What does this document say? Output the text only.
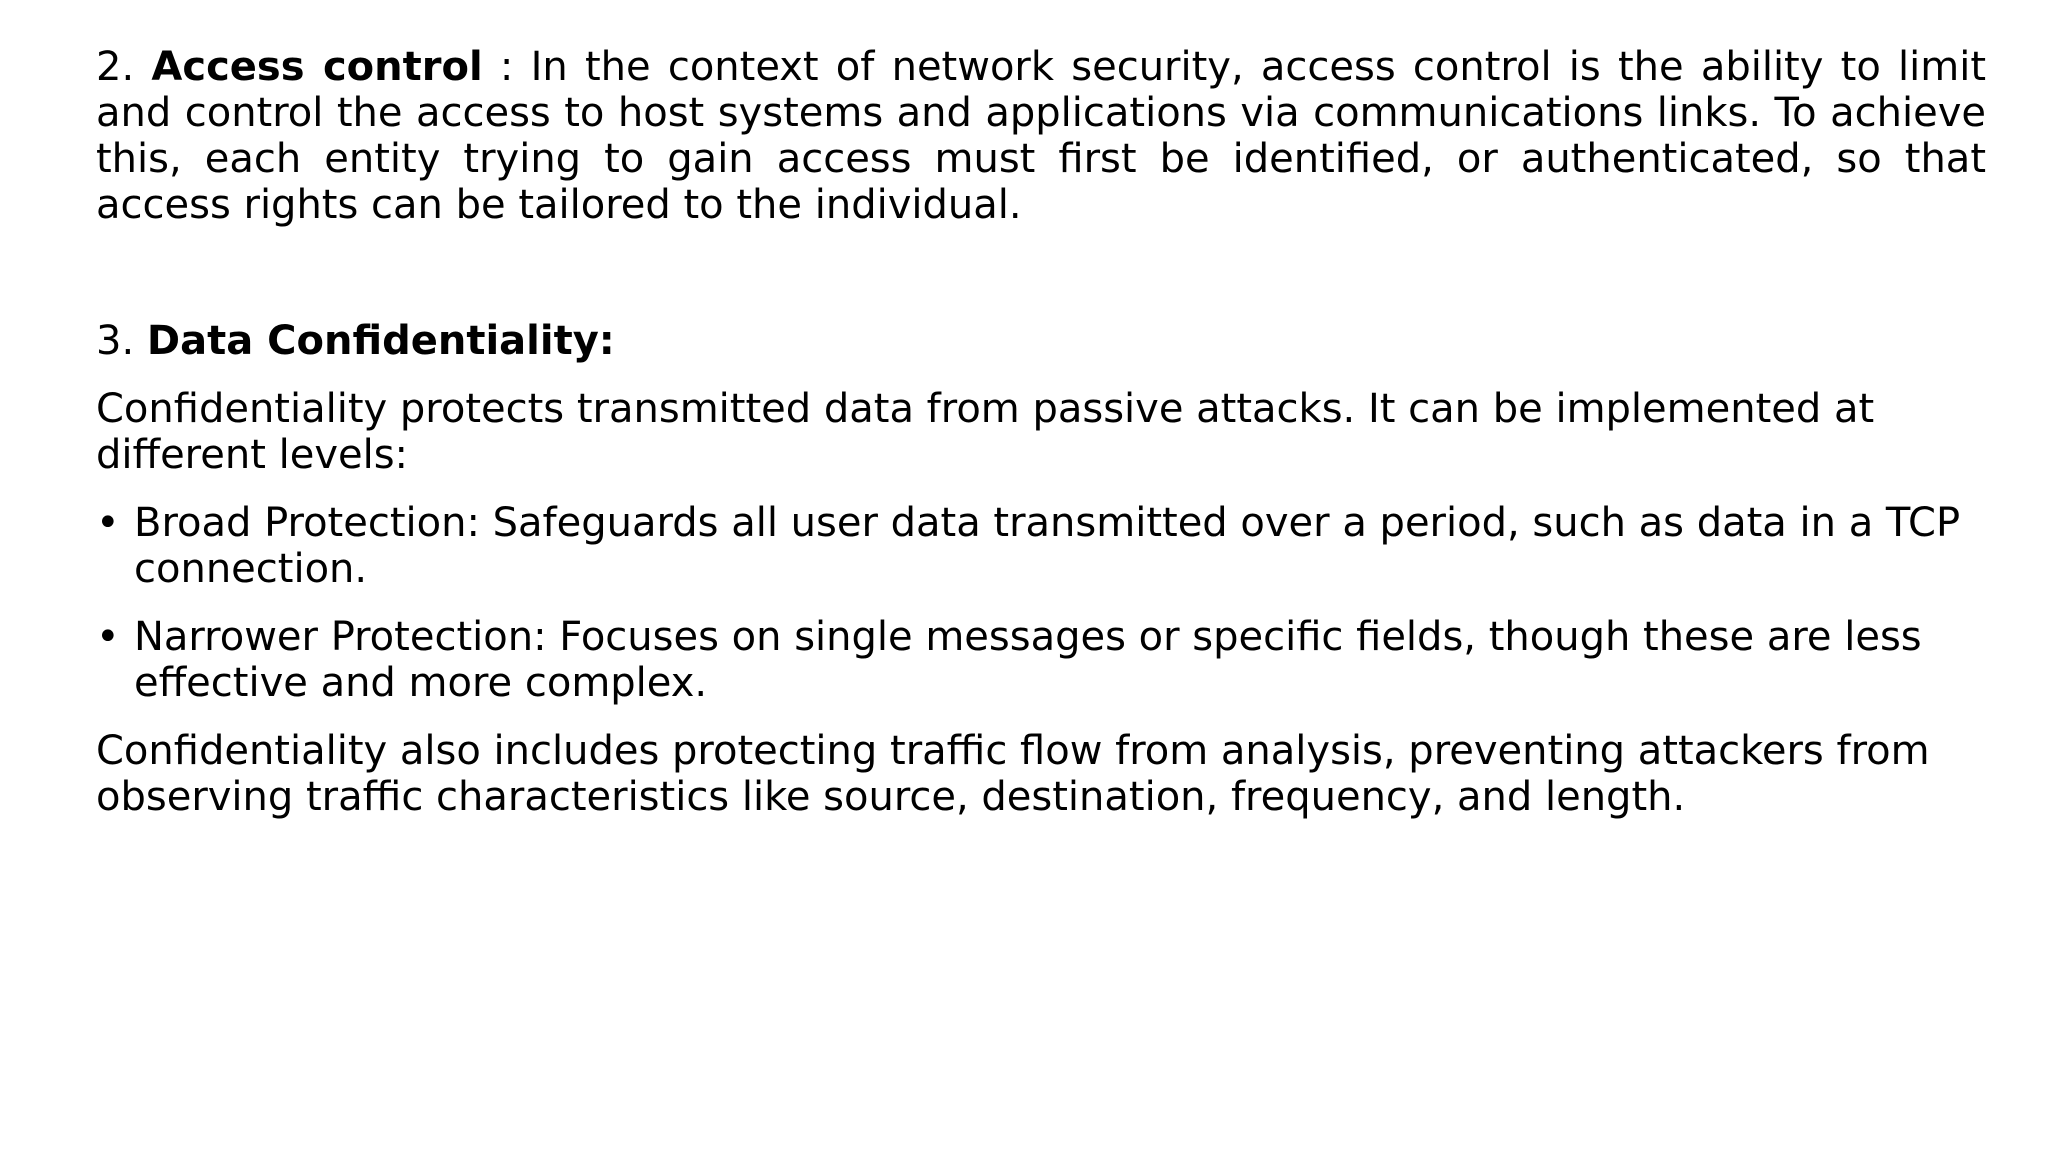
2. Access control : In the context of network security, access control is the ability to limit and control the access to host systems and applications via communications links. To achieve this, each entity trying to gain access must first be identified, or authenticated, so that access rights can be tailored to the individual.

3. Data Confidentiality:

Confidentiality protects transmitted data from passive attacks. It can be implemented at different levels:

• Broad Protection: Safeguards all user data transmitted over a period, such as data in a TCP connection.
• Narrower Protection: Focuses on single messages or specific fields, though these are less effective and more complex.

Confidentiality also includes protecting traffic flow from analysis, preventing attackers from observing traffic characteristics like source, destination, frequency, and length.
